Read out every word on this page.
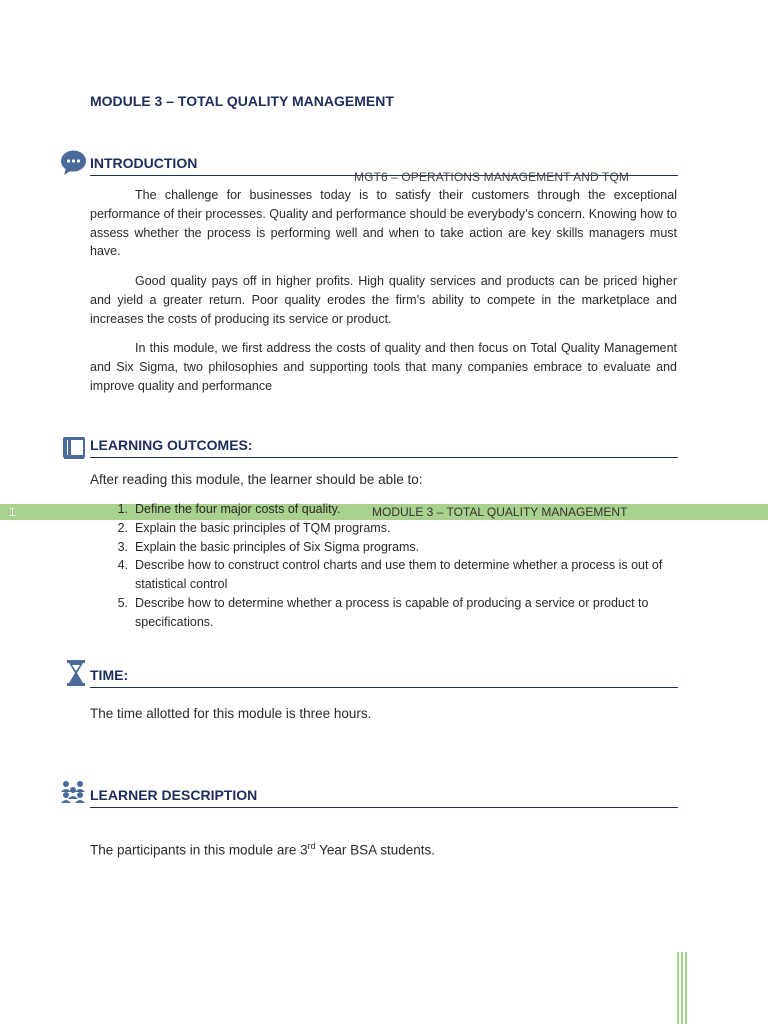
MODULE 3 – TOTAL QUALITY MANAGEMENT
INTRODUCTION
MGT6 – OPERATIONS MANAGEMENT AND TQM

The challenge for businesses today is to satisfy their customers through the exceptional performance of their processes. Quality and performance should be everybody’s concern. Knowing how to assess whether the process is performing well and when to take action are key skills managers must have.

Good quality pays off in higher profits. High quality services and products can be priced higher and yield a greater return. Poor quality erodes the firm’s ability to compete in the marketplace and increases the costs of producing its service or product.

In this module, we first address the costs of quality and then focus on Total Quality Management and Six Sigma, two philosophies and supporting tools that many companies embrace to evaluate and improve quality and performance

LEARNING OUTCOMES:

After reading this module, the learner should be able to:

1	1. Define the four major costs of quality.
2. Explain the basic principles of TQM programs.
3. Explain the basic principles of Six Sigma programs.
4. Describe how to construct control charts and use them to determine whether a process is out of statistical control
5. Describe how to determine whether a process is capable of producing a service or product to specifications.
MODULE 3 – TOTAL QUALITY MANAGEMENT
TIME:

The time allotted for this module is three hours.

LEARNER DESCRIPTION

The participants in this module are 3rd Year BSA students.
